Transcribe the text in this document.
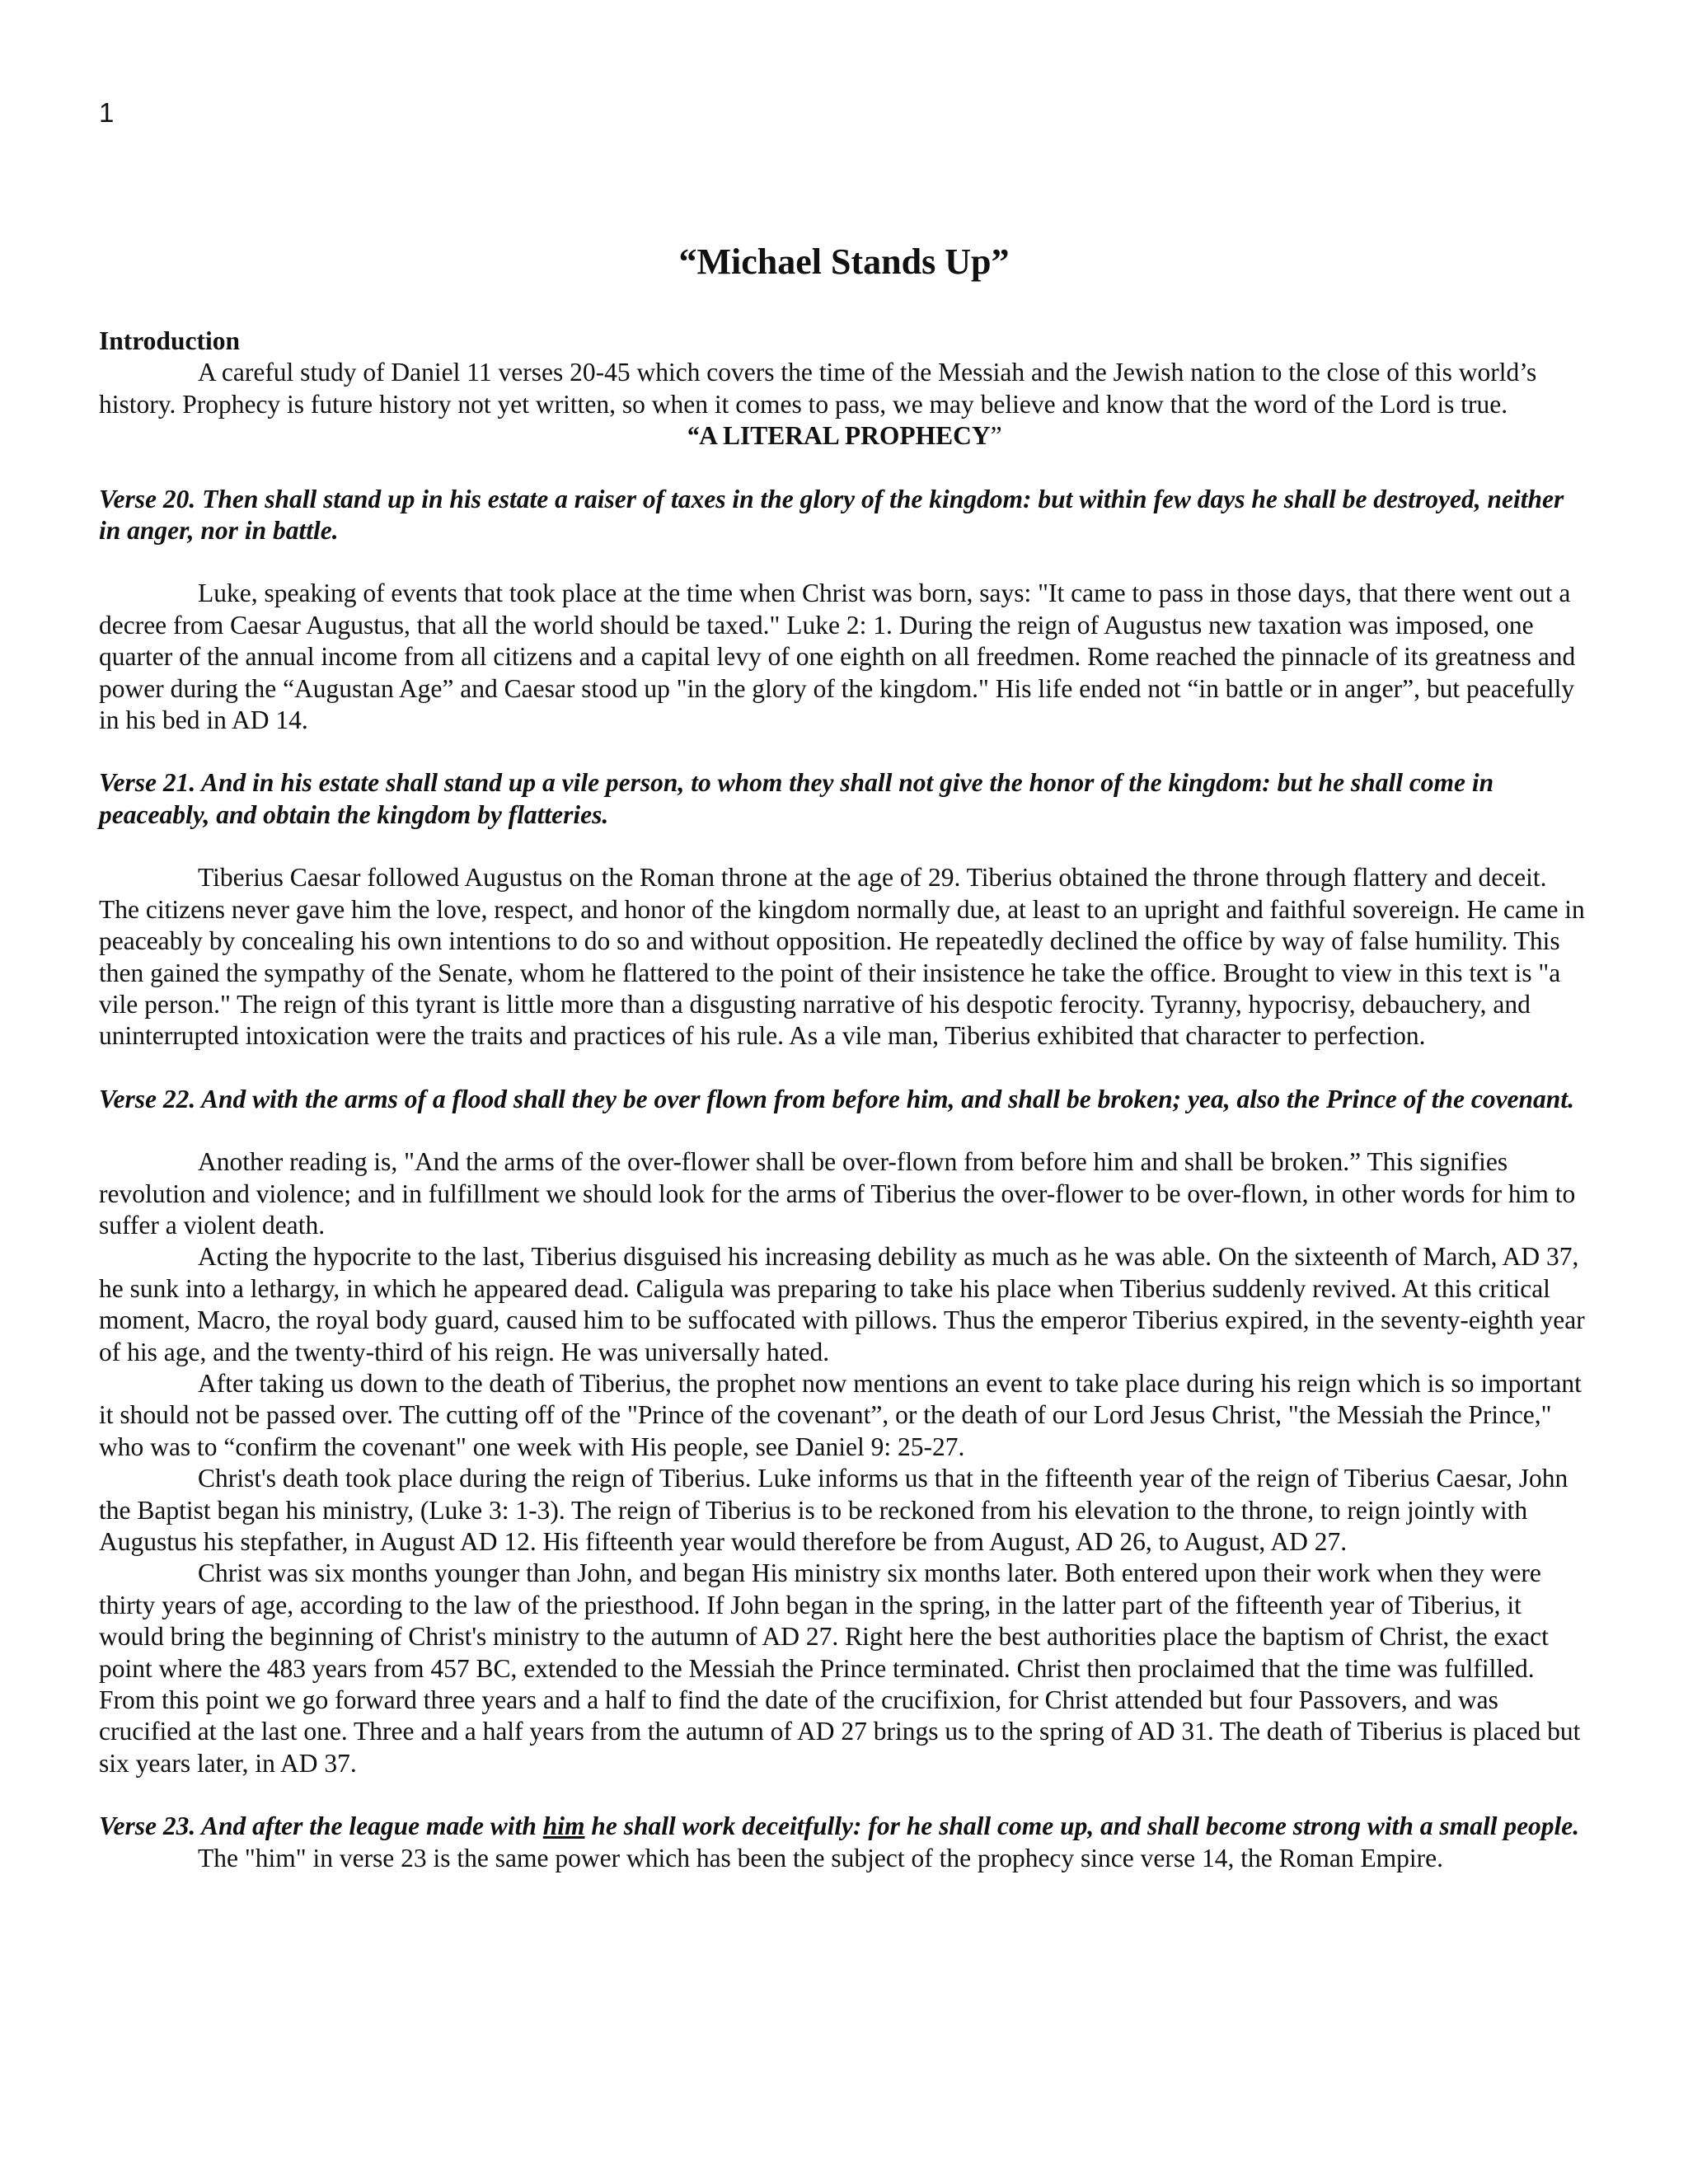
1
“Michael Stands Up”

Introduction

A careful study of Daniel 11 verses 20-45 which covers the time of the Messiah and the Jewish nation to the close of this world’s history. Prophecy is future history not yet written, so when it comes to pass, we may believe and know that the word of the Lord is true.

“A LITERAL PROPHECY”

Verse 20. Then shall stand up in his estate a raiser of taxes in the glory of the kingdom: but within few days he shall be destroyed, neither in anger, nor in battle.

Luke, speaking of events that took place at the time when Christ was born, says: "It came to pass in those days, that there went out a decree from Caesar Augustus, that all the world should be taxed." Luke 2: 1. During the reign of Augustus new taxation was imposed, one quarter of the annual income from all citizens and a capital levy of one eighth on all freedmen. Rome reached the pinnacle of its greatness and power during the “Augustan Age” and Caesar stood up "in the glory of the kingdom." His life ended not “in battle or in anger”, but peacefully in his bed in AD 14.

Verse 21. And in his estate shall stand up a vile person, to whom they shall not give the honor of the kingdom: but he shall come in peaceably, and obtain the kingdom by flatteries.

Tiberius Caesar followed Augustus on the Roman throne at the age of 29. Tiberius obtained the throne through flattery and deceit. The citizens never gave him the love, respect, and honor of the kingdom normally due, at least to an upright and faithful sovereign. He came in peaceably by concealing his own intentions to do so and without opposition. He repeatedly declined the office by way of false humility. This then gained the sympathy of the Senate, whom he flattered to the point of their insistence he take the office. Brought to view in this text is "a vile person." The reign of this tyrant is little more than a disgusting narrative of his despotic ferocity. Tyranny, hypocrisy, debauchery, and uninterrupted intoxication were the traits and practices of his rule. As a vile man, Tiberius exhibited that character to perfection.

Verse 22. And with the arms of a flood shall they be over flown from before him, and shall be broken; yea, also the Prince of the covenant.

Another reading is, "And the arms of the over-flower shall be over-flown from before him and shall be broken.” This signifies revolution and violence; and in fulfillment we should look for the arms of Tiberius the over-flower to be over-flown, in other words for him to suffer a violent death.

Acting the hypocrite to the last, Tiberius disguised his increasing debility as much as he was able. On the sixteenth of March, AD 37, he sunk into a lethargy, in which he appeared dead. Caligula was preparing to take his place when Tiberius suddenly revived. At this critical moment, Macro, the royal body guard, caused him to be suffocated with pillows. Thus the emperor Tiberius expired, in the seventy-eighth year of his age, and the twenty-third of his reign. He was universally hated.

After taking us down to the death of Tiberius, the prophet now mentions an event to take place during his reign which is so important it should not be passed over. The cutting off of the "Prince of the covenant”, or the death of our Lord Jesus Christ, "the Messiah the Prince," who was to “confirm the covenant" one week with His people, see Daniel 9: 25-27.

Christ's death took place during the reign of Tiberius. Luke informs us that in the fifteenth year of the reign of Tiberius Caesar, John the Baptist began his ministry, (Luke 3: 1-3). The reign of Tiberius is to be reckoned from his elevation to the throne, to reign jointly with Augustus his stepfather, in August AD 12. His fifteenth year would therefore be from August, AD 26, to August, AD 27.

Christ was six months younger than John, and began His ministry six months later. Both entered upon their work when they were thirty years of age, according to the law of the priesthood. If John began in the spring, in the latter part of the fifteenth year of Tiberius, it would bring the beginning of Christ's ministry to the autumn of AD 27. Right here the best authorities place the baptism of Christ, the exact point where the 483 years from 457 BC, extended to the Messiah the Prince terminated. Christ then proclaimed that the time was fulfilled. From this point we go forward three years and a half to find the date of the crucifixion, for Christ attended but four Passovers, and was crucified at the last one. Three and a half years from the autumn of AD 27 brings us to the spring of AD 31. The death of Tiberius is placed but six years later, in AD 37.

Verse 23. And after the league made with him he shall work deceitfully: for he shall come up, and shall become strong with a small people.

The "him" in verse 23 is the same power which has been the subject of the prophecy since verse 14, the Roman Empire.
